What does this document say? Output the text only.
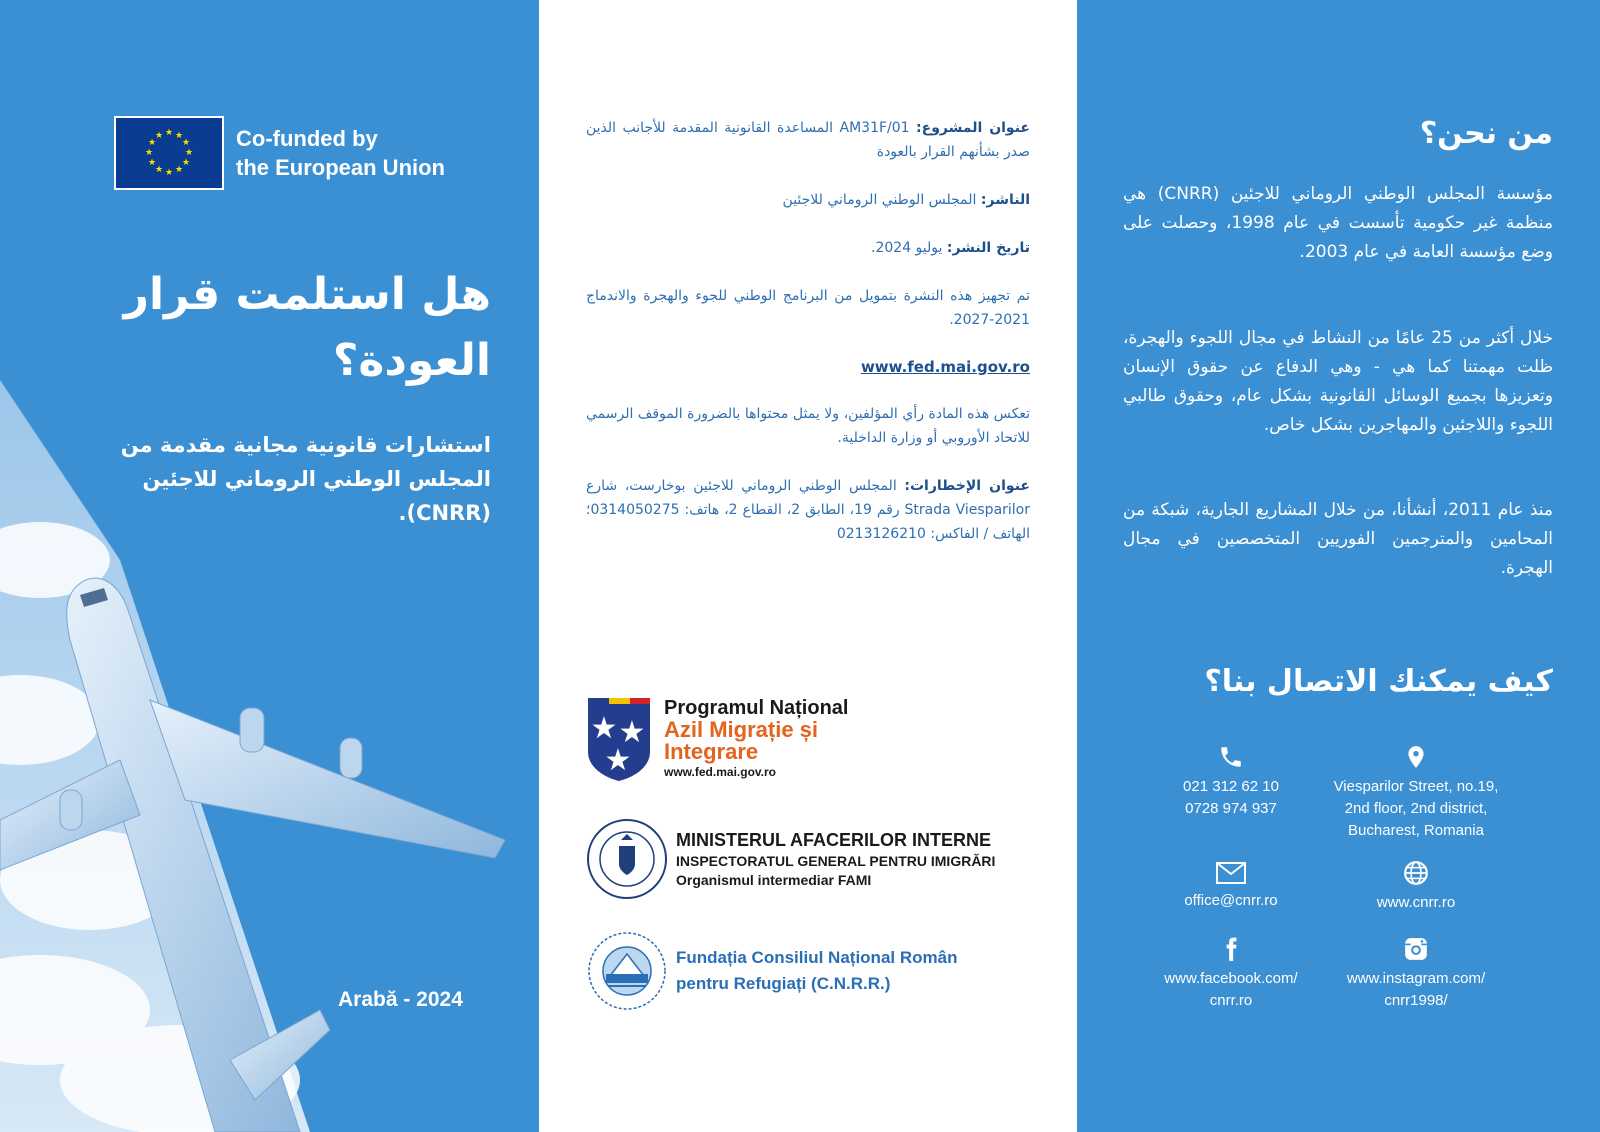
★ ★
★
★
★
★
★
★
★
★
★
★	Co-funded by
the European Union
هل استلمت قرار
العودة؟
استشارات قانونية مجانية مقدمة من
المجلس الوطني الروماني للاجئين
(CNRR).
Arabă - 2024
عنوان المشروع: AM31F/01 المساعدة القانونية المقدمة للأجانب الذين صدر بشأنهم القرار بالعودة
الناشر: المجلس الوطني الروماني للاجئين
تاريخ النشر: يوليو 2024.
تم تجهيز هذه النشرة بتمويل من البرنامج الوطني للجوء والهجرة والاندماج 2021-2027.
www.fed.mai.gov.ro
تعكس هذه المادة رأي المؤلفين، ولا يمثل محتواها بالضرورة الموقف الرسمي للاتحاد الأوروبي أو وزارة الداخلية.
عنوان الإخطارات: المجلس الوطني الروماني للاجئين بوخارست، شارع Strada Viesparilor رقم 19، الطابق 2، القطاع 2، هاتف: 0314050275؛ الهاتف / الفاكس: 0213126210
★ ★
★
Programul Național
Azil Migrație și
Integrare
www.fed.mai.gov.ro
MINISTERUL AFACERILOR INTERNE
INSPECTORATUL GENERAL PENTRU IMIGRĂRI
Organismul intermediar FAMI
Fundația Consiliul Național Român
pentru Refugiați (C.N.R.R.)
من نحن؟
مؤسسة المجلس الوطني الروماني للاجئين (CNRR) هي منظمة غير حكومية تأسست في عام 1998، وحصلت على وضع مؤسسة العامة في عام 2003.
خلال أكثر من 25 عامًا من النشاط في مجال اللجوء والهجرة، ظلت مهمتنا كما هي - وهي الدفاع عن حقوق الإنسان وتعزيزها بجميع الوسائل القانونية بشكل عام، وحقوق طالبي اللجوء واللاجئين والمهاجرين بشكل خاص.
منذ عام 2011، أنشأنا، من خلال المشاريع الجارية، شبكة من المحامين والمترجمين الفوريين المتخصصين في مجال الهجرة.
كيف يمكنك الاتصال بنا؟
021 312 62 10
0728 974 937
Viesparilor Street, no.19,
2nd floor, 2nd district,
Bucharest, Romania
office@cnrr.ro	www.cnrr.ro
www.facebook.com/
cnrr.ro
www.instagram.com/
cnrr1998/
